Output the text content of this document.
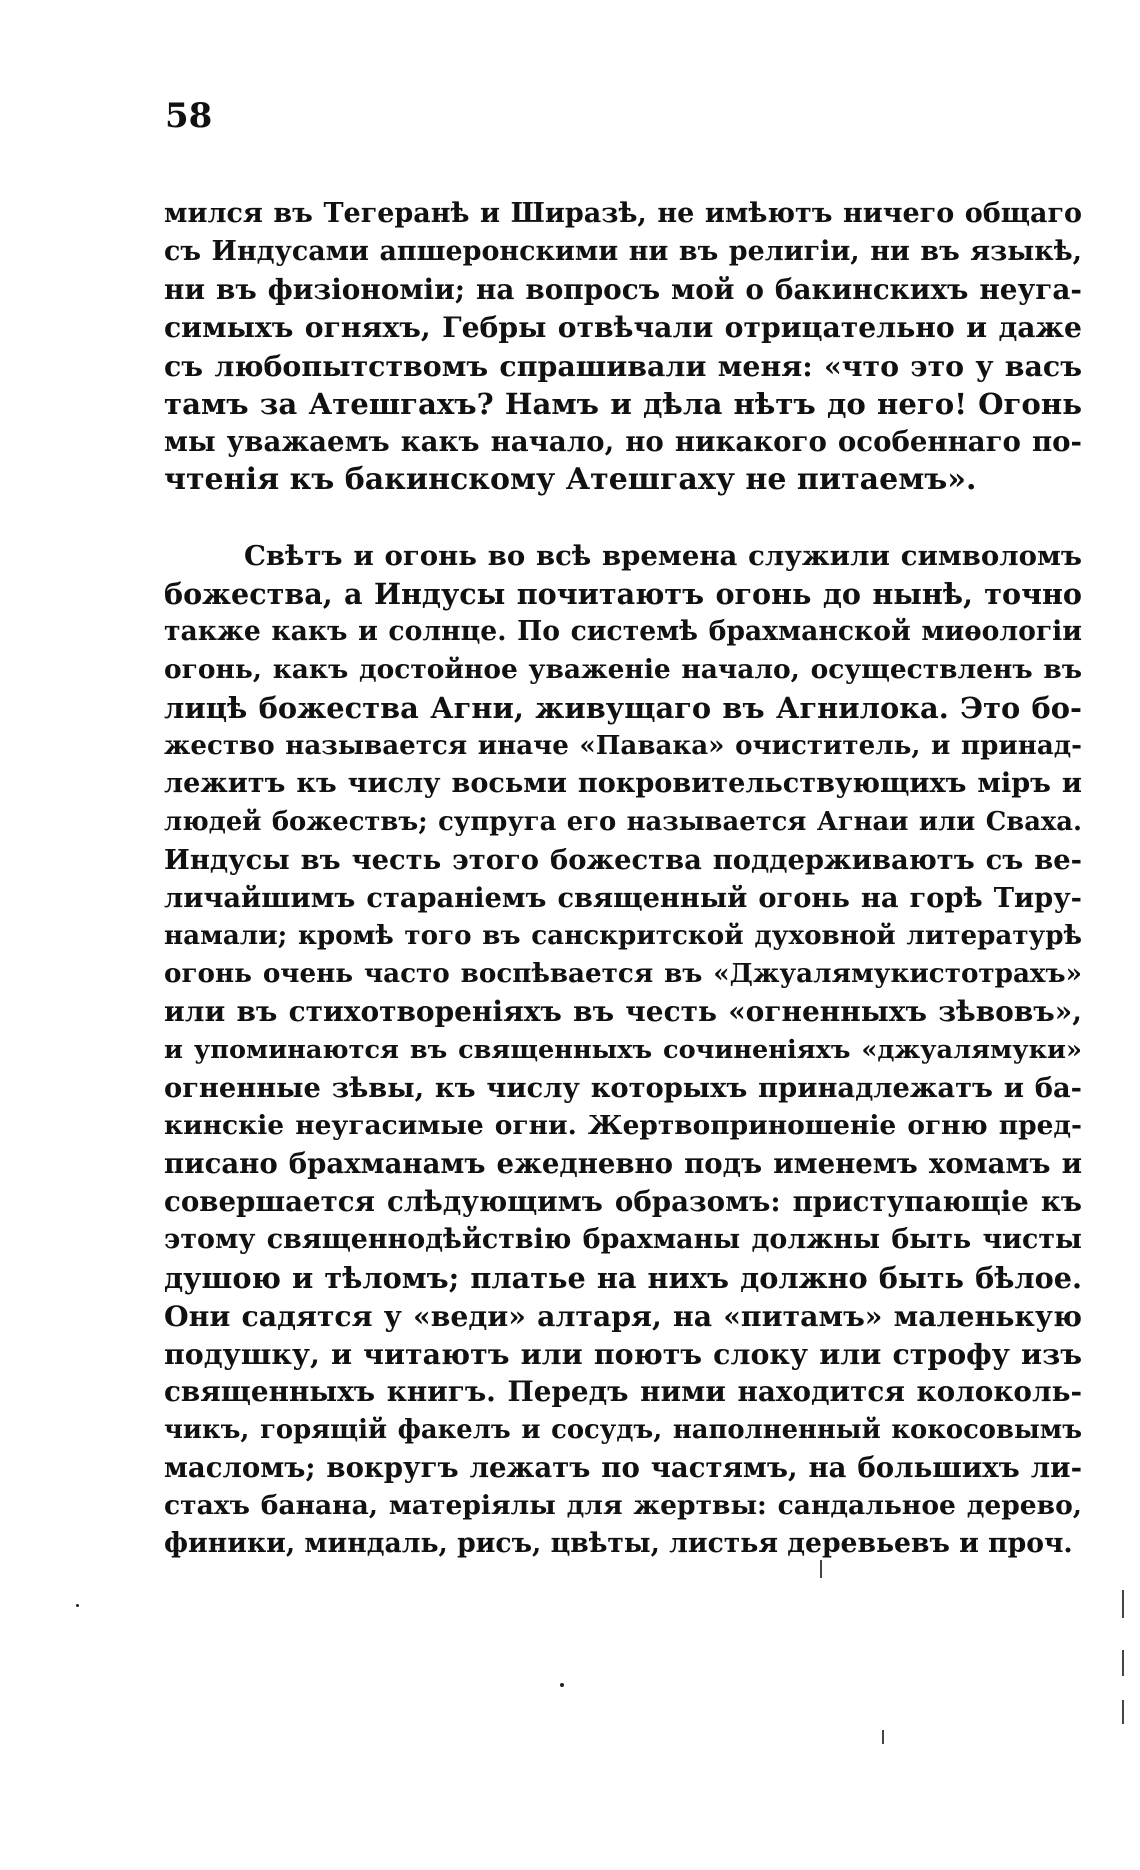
58
мился въ Тегеранѣ и Ширазѣ, не имѣютъ ничего общаго
съ Индусами апшеронскими ни въ религіи, ни въ языкѣ,
ни въ физіономіи; на вопросъ мой о бакинскихъ неуга-
симыхъ огняхъ, Гебры отвѣчали отрицательно и даже
съ любопытствомъ спрашивали меня: «что это у васъ
тамъ за Атешгахъ? Намъ и дѣла нѣтъ до него! Огонь
мы уважаемъ какъ начало, но никакого особеннаго по-
чтенія къ бакинскому Атешгаху не питаемъ».
Свѣтъ и огонь во всѣ времена служили символомъ
божества, а Индусы почитаютъ огонь до нынѣ, точно
также какъ и солнце. По системѣ брахманской миѳологіи
огонь, какъ достойное уваженіе начало, осуществленъ въ
лицѣ божества Агни, живущаго въ Агнилока. Это бо-
жество называется иначе «Павака» очиститель, и принад-
лежитъ къ числу восьми покровительствующихъ міръ и
людей божествъ; супруга его называется Агнаи или Сваха.
Индусы въ честь этого божества поддерживаютъ съ ве-
личайшимъ стараніемъ священный огонь на горѣ Тиру-
намали; кромѣ того въ санскритской духовной литературѣ
огонь очень часто воспѣвается въ «Джуалямукистотрахъ»
или въ стихотвореніяхъ въ честь «огненныхъ зѣвовъ»,
и упоминаются въ священныхъ сочиненіяхъ «джуалямуки»
огненные зѣвы, къ числу которыхъ принадлежатъ и ба-
кинскіе неугасимые огни. Жертвоприношеніе огню пред-
писано брахманамъ ежедневно подъ именемъ хомамъ и
совершается слѣдующимъ образомъ: приступающіе къ
этому священнодѣйствію брахманы должны быть чисты
душою и тѣломъ; платье на нихъ должно быть бѣлое.
Они садятся у «веди» алтаря, на «питамъ» маленькую
подушку, и читаютъ или поютъ слоку или строфу изъ
священныхъ книгъ. Передъ ними находится колоколь-
чикъ, горящій факелъ и сосудъ, наполненный кокосовымъ
масломъ; вокругъ лежатъ по частямъ, на большихъ ли-
стахъ банана, матеріялы для жертвы: сандальное дерево,
финики, миндаль, рисъ, цвѣты, листья деревьевъ и проч.
